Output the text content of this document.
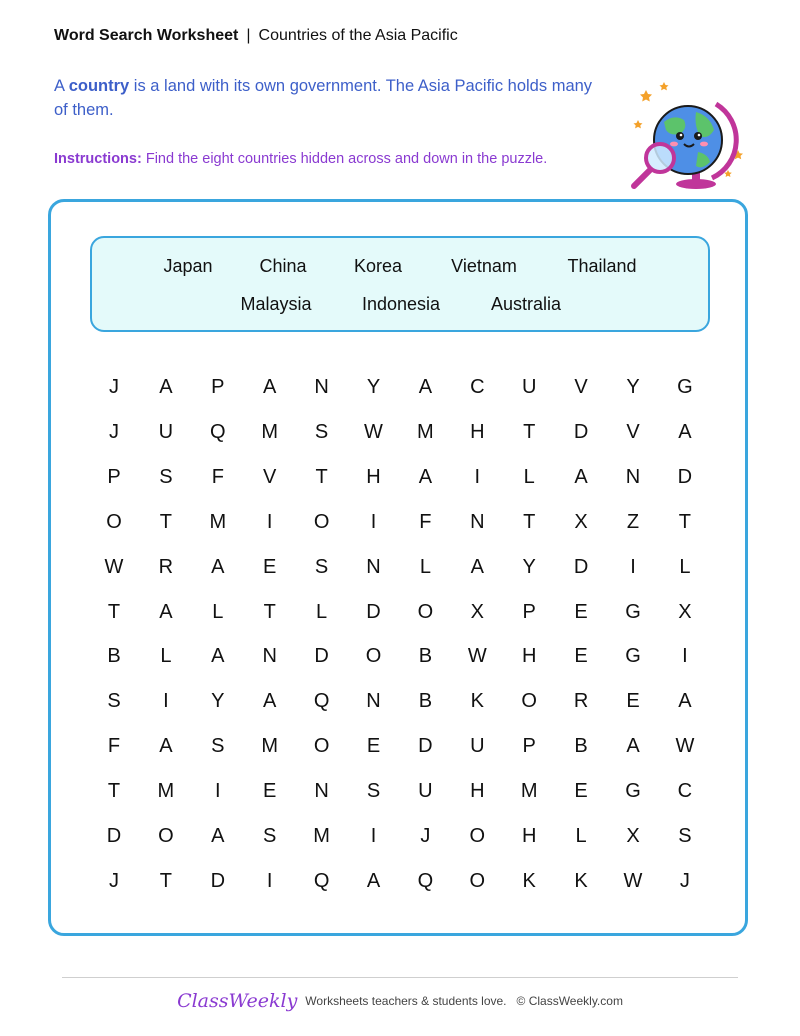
Word Search Worksheet | Countries of the Asia Pacific
A country is a land with its own government. The Asia Pacific holds many of them.
Instructions: Find the eight countries hidden across and down in the puzzle.
Japan	China	Korea	Vietnam	Thailand
Malaysia	Indonesia	Australia
J	A	P	A	N	Y	A	C	U	V	Y	G
J	U	Q	M	S	W	M	H	T	D	V	A
P	S	F	V	T	H	A	I	L	A	N	D
O	T	M	I	O	I	F	N	T	X	Z	T
W	R	A	E	S	N	L	A	Y	D	I	L
T	A	L	T	L	D	O	X	P	E	G	X
B	L	A	N	D	O	B	W	H	E	G	I
S	I	Y	A	Q	N	B	K	O	R	E	A
F	A	S	M	O	E	D	U	P	B	A	W
T	M	I	E	N	S	U	H	M	E	G	C
D	O	A	S	M	I	J	O	H	L	X	S
J	T	D	I	Q	A	Q	O	K	K	W	J
ClassWeekly Worksheets teachers & students love. © ClassWeekly.com
